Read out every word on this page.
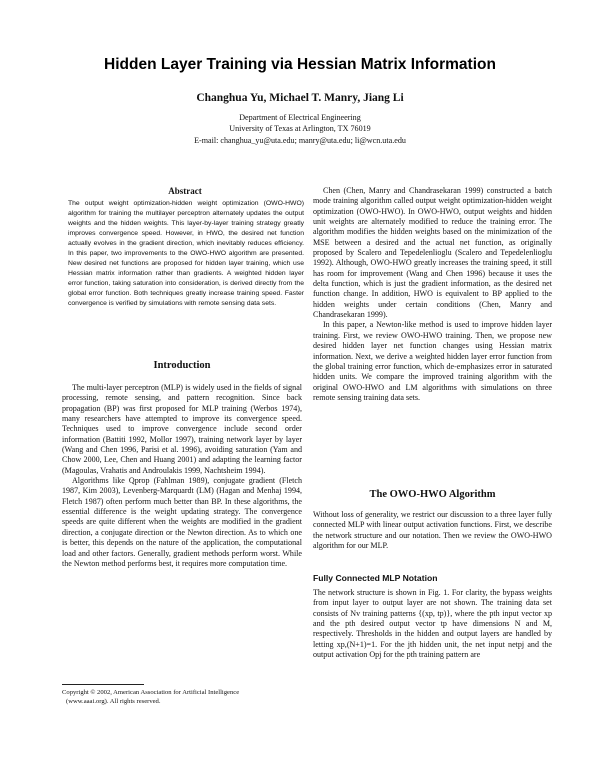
Hidden Layer Training via Hessian Matrix Information
Changhua Yu, Michael T. Manry, Jiang Li
Department of Electrical Engineering
University of Texas at Arlington, TX 76019
E-mail: changhua_yu@uta.edu; manry@uta.edu; li@wcn.uta.edu

Abstract

The output weight optimization-hidden weight optimization (OWO-HWO) algorithm for training the multilayer perceptron alternately updates the output weights and the hidden weights. This layer-by-layer training strategy greatly improves convergence speed. However, in HWO, the desired net function actually evolves in the gradient direction, which inevitably reduces efficiency. In this paper, two improvements to the OWO-HWO algorithm are presented. New desired net functions are proposed for hidden layer training, which use Hessian matrix information rather than gradients. A weighted hidden layer error function, taking saturation into consideration, is derived directly from the global error function. Both techniques greatly increase training speed. Faster convergence is verified by simulations with remote sensing data sets.

Introduction

The multi-layer perceptron (MLP) is widely used in the fields of signal processing, remote sensing, and pattern recognition. Since back propagation (BP) was first proposed for MLP training (Werbos 1974), many researchers have attempted to improve its convergence speed. Techniques used to improve convergence include second order information (Battiti 1992, Mollor 1997), training network layer by layer (Wang and Chen 1996, Parisi et al. 1996), avoiding saturation (Yam and Chow 2000, Lee, Chen and Huang 2001) and adapting the learning factor (Magoulas, Vrahatis and Androulakis 1999, Nachtsheim 1994).

Algorithms like Qprop (Fahlman 1989), conjugate gradient (Fletch 1987, Kim 2003), Levenberg-Marquardt (LM) (Hagan and Menhaj 1994, Fletch 1987) often perform much better than BP. In these algorithms, the essential difference is the weight updating strategy. The convergence speeds are quite different when the weights are modified in the gradient direction, a conjugate direction or the Newton direction. As to which one is better, this depends on the nature of the application, the computational load and other factors. Generally, gradient methods perform worst. While the Newton method performs best, it requires more computation time.

Chen (Chen, Manry and Chandrasekaran 1999) constructed a batch mode training algorithm called output weight optimization-hidden weight optimization (OWO-HWO). In OWO-HWO, output weights and hidden unit weights are alternately modified to reduce the training error. The algorithm modifies the hidden weights based on the minimization of the MSE between a desired and the actual net function, as originally proposed by Scalero and Tepedelenlioglu (Scalero and Tepedelenlioglu 1992). Although, OWO-HWO greatly increases the training speed, it still has room for improvement (Wang and Chen 1996) because it uses the delta function, which is just the gradient information, as the desired net function change. In addition, HWO is equivalent to BP applied to the hidden weights under certain conditions (Chen, Manry and Chandrasekaran 1999).

In this paper, a Newton-like method is used to improve hidden layer training. First, we review OWO-HWO training. Then, we propose new desired hidden layer net function changes using Hessian matrix information. Next, we derive a weighted hidden layer error function from the global training error function, which de-emphasizes error in saturated hidden units. We compare the improved training algorithm with the original OWO-HWO and LM algorithms with simulations on three remote sensing training data sets.

The OWO-HWO Algorithm

Without loss of generality, we restrict our discussion to a three layer fully connected MLP with linear output activation functions. First, we describe the network structure and our notation. Then we review the OWO-HWO algorithm for our MLP.

Fully Connected MLP Notation

The network structure is shown in Fig. 1. For clarity, the bypass weights from input layer to output layer are not shown. The training data set consists of Nv training patterns {(xp, tp)}, where the pth input vector xp and the pth desired output vector tp have dimensions N and M, respectively. Thresholds in the hidden and output layers are handled by letting xp,(N+1)=1. For the jth hidden unit, the net input netpj and the output activation Opj for the pth training pattern are

Copyright © 2002, American Association for Artificial Intelligence
(www.aaai.org). All rights reserved.
